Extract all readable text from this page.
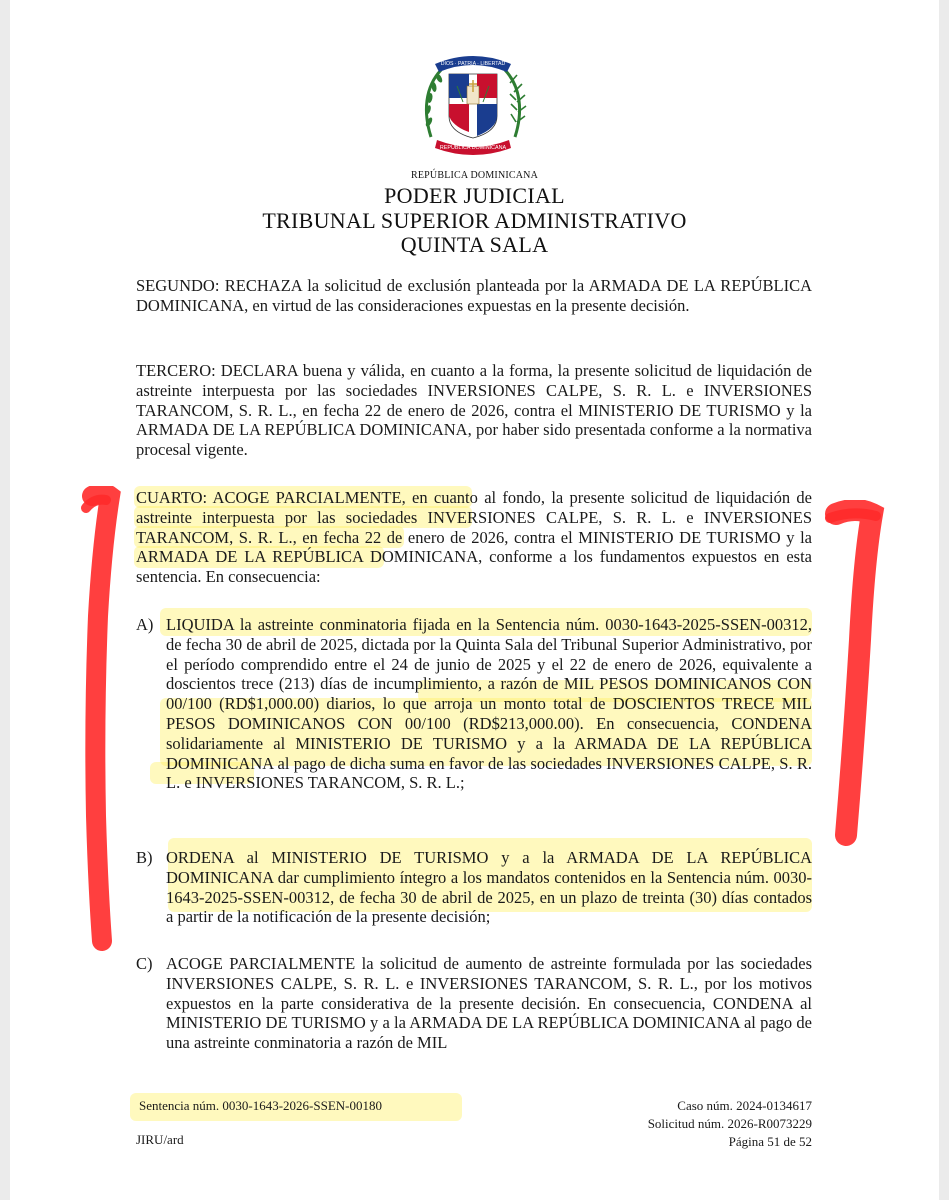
DIOS · PATRIA · LIBERTAD
REPÚBLICA DOMINICANA
REPÚBLICA DOMINICANA
PODER JUDICIAL
TRIBUNAL SUPERIOR ADMINISTRATIVO
QUINTA SALA

SEGUNDO: RECHAZA la solicitud de exclusión planteada por la ARMADA DE LA REPÚBLICA DOMINICANA, en virtud de las consideraciones expuestas en la presente decisión.

TERCERO: DECLARA buena y válida, en cuanto a la forma, la presente solicitud de liquidación de astreinte interpuesta por las sociedades INVERSIONES CALPE, S. R. L. e INVERSIONES TARANCOM, S. R. L., en fecha 22 de enero de 2026, contra el MINISTERIO DE TURISMO y la ARMADA DE LA REPÚBLICA DOMINICANA, por haber sido presentada conforme a la normativa procesal vigente.

CUARTO: ACOGE PARCIALMENTE, en cuanto al fondo, la presente solicitud de liquidación de astreinte interpuesta por las sociedades INVERSIONES CALPE, S. R. L. e INVERSIONES TARANCOM, S. R. L., en fecha 22 de enero de 2026, contra el MINISTERIO DE TURISMO y la ARMADA DE LA REPÚBLICA DOMINICANA, conforme a los fundamentos expuestos en esta sentencia. En consecuencia:

A) LIQUIDA la astreinte conminatoria fijada en la Sentencia núm. 0030-1643-2025-SSEN-00312, de fecha 30 de abril de 2025, dictada por la Quinta Sala del Tribunal Superior Administrativo, por el período comprendido entre el 24 de junio de 2025 y el 22 de enero de 2026, equivalente a doscientos trece (213) días de incumplimiento, a razón de MIL PESOS DOMINICANOS CON 00/100 (RD$1,000.00) diarios, lo que arroja un monto total de DOSCIENTOS TRECE MIL PESOS DOMINICANOS CON 00/100 (RD$213,000.00). En consecuencia, CONDENA solidariamente al MINISTERIO DE TURISMO y a la ARMADA DE LA REPÚBLICA DOMINICANA al pago de dicha suma en favor de las sociedades INVERSIONES CALPE, S. R. L. e INVERSIONES TARANCOM, S. R. L.;
B) ORDENA al MINISTERIO DE TURISMO y a la ARMADA DE LA REPÚBLICA DOMINICANA dar cumplimiento íntegro a los mandatos contenidos en la Sentencia núm. 0030-1643-2025-SSEN-00312, de fecha 30 de abril de 2025, en un plazo de treinta (30) días contados a partir de la notificación de la presente decisión;
C) ACOGE PARCIALMENTE la solicitud de aumento de astreinte formulada por las sociedades INVERSIONES CALPE, S. R. L. e INVERSIONES TARANCOM, S. R. L., por los motivos expuestos en la parte considerativa de la presente decisión. En consecuencia, CONDENA al MINISTERIO DE TURISMO y a la ARMADA DE LA REPÚBLICA DOMINICANA al pago de una astreinte conminatoria a razón de MIL
Sentencia núm. 0030-1643-2026-SSEN-00180
JIRU/ard
Caso núm. 2024-0134617
Solicitud núm. 2026-R0073229
Página 51 de 52
